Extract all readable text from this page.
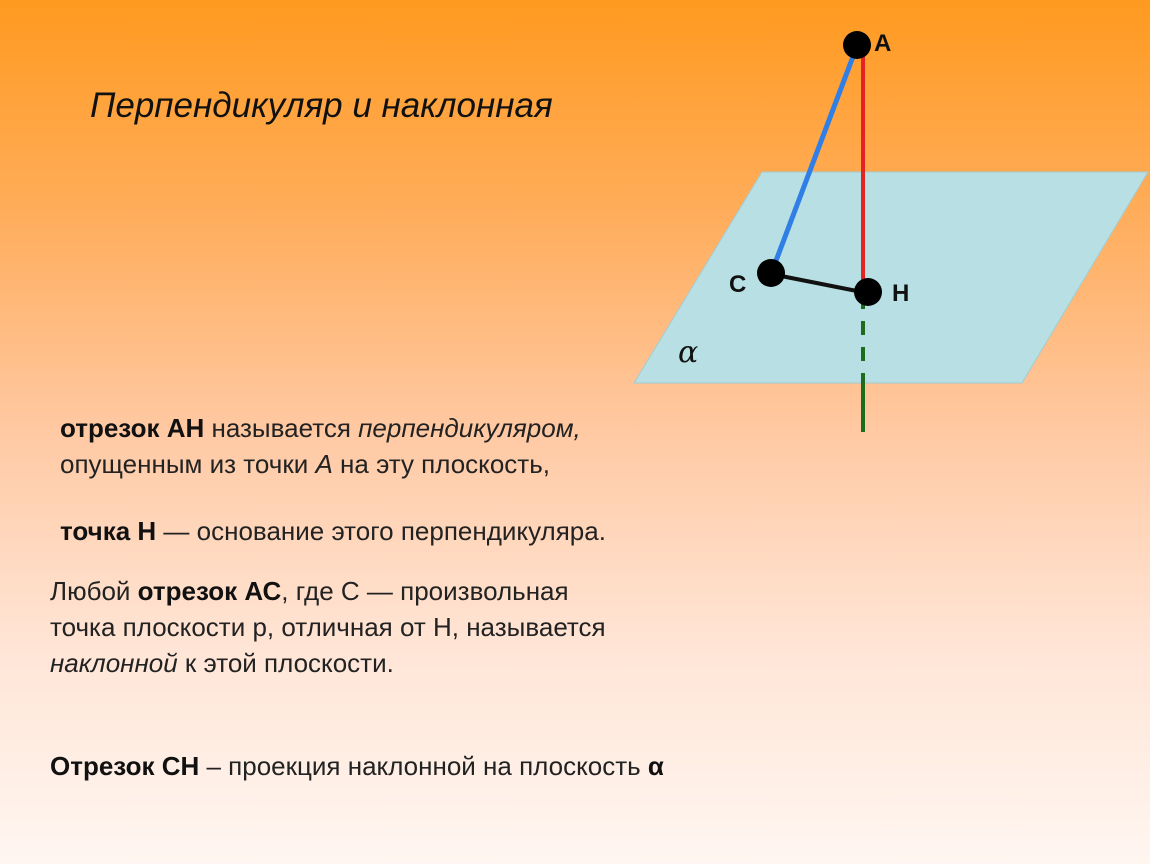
Перпендикуляр и наклонная
A
C	H
α
отрезок АН называется перпендикуляром,
опущенным из точки А на эту плоскость,
точка Н — основание этого перпендикуляра.
Любой отрезок АС, где С — произвольная
точка плоскости р, отличная от Н, называется
наклонной к этой плоскости.
Отрезок СН – проекция наклонной на плоскость α
